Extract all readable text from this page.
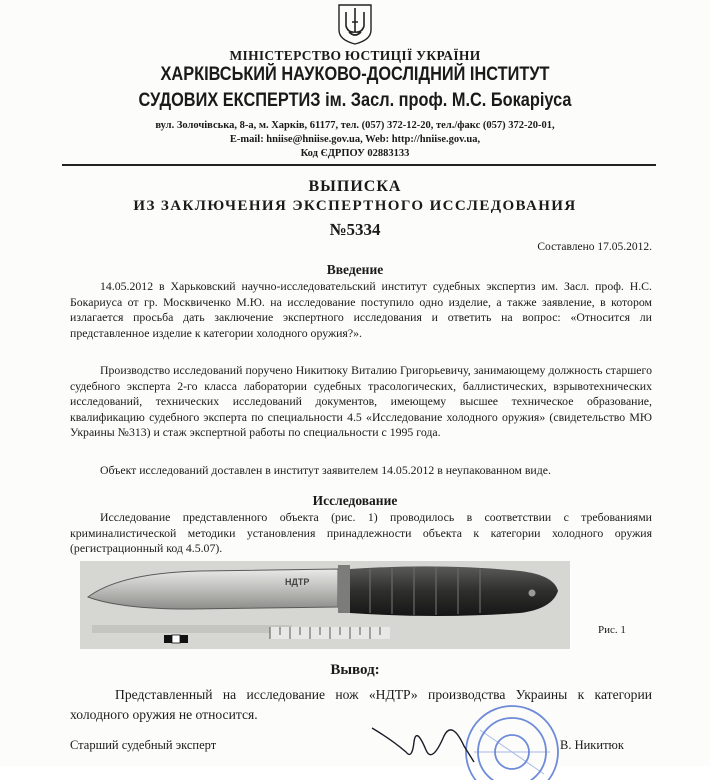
МІНІСТЕРСТВО ЮСТИЦІЇ УКРАЇНИ
ХАРКІВСЬКИЙ НАУКОВО-ДОСЛІДНИЙ ІНСТИТУТ
СУДОВИХ ЕКСПЕРТИЗ ім. Засл. проф. М.С. Бокаріуса
вул. Золочівська, 8-а, м. Харків, 61177, тел. (057) 372-12-20, тел./факс (057) 372-20-01,
E-mail: hniise@hniise.gov.ua, Web: http://hniise.gov.ua,
Код ЄДРПОУ 02883133
ВЫПИСКА
ИЗ ЗАКЛЮЧЕНИЯ ЭКСПЕРТНОГО ИССЛЕДОВАНИЯ
№5334
Составлено 17.05.2012.
Введение

14.05.2012 в Харьковский научно-исследовательский институт судебных экспертиз им. Засл. проф. Н.С. Бокариуса от гр. Москвиченко М.Ю. на исследование поступило одно изделие, а также заявление, в котором излагается просьба дать заключение экспертного исследования и ответить на вопрос: «Относится ли представленное изделие к категории холодного оружия?».

Производство исследований поручено Никитюку Виталию Григорьевичу, занимающему должность старшего судебного эксперта 2-го класса лаборатории судебных трасологических, баллистических, взрывотехнических исследований, технических исследований документов, имеющему высшее техническое образование, квалификацию судебного эксперта по специальности 4.5 «Исследование холодного оружия» (свидетельство МЮ Украины №313) и стаж экспертной работы по специальности с 1995 года.

Объект исследований доставлен в институт заявителем 14.05.2012 в неупакованном виде.

Исследование

Исследование представленного объекта (рис. 1) проводилось в соответствии с требованиями криминалистической методики установления принадлежности объекта к категории холодного оружия (регистрационный код 4.5.07).

НДТР
Рис. 1
Вывод:

Представленный на исследование нож «НДТР» производства Украины к категории холодного оружия не относится.

Старший судебный эксперт	В. Никитюк
